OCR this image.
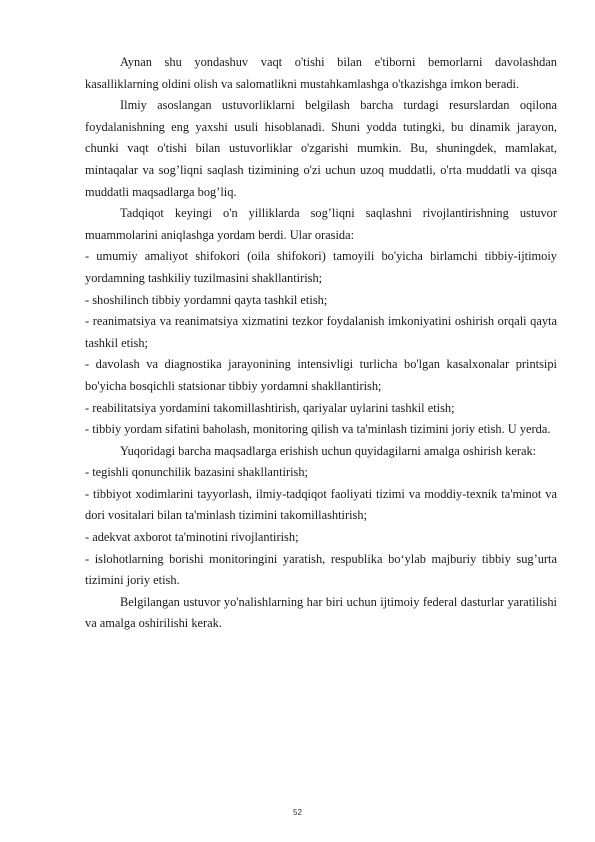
Aynan shu yondashuv vaqt o'tishi bilan e'tiborni bemorlarni davolashdan kasalliklarning oldini olish va salomatlikni mustahkamlashga o'tkazishga imkon beradi.

Ilmiy asoslangan ustuvorliklarni belgilash barcha turdagi resurslardan oqilona foydalanishning eng yaxshi usuli hisoblanadi. Shuni yodda tutingki, bu dinamik jarayon, chunki vaqt o'tishi bilan ustuvorliklar o'zgarishi mumkin. Bu, shuningdek, mamlakat, mintaqalar va sog’liqni saqlash tizimining o'zi uchun uzoq muddatli, o'rta muddatli va qisqa muddatli maqsadlarga bog’liq.

Tadqiqot keyingi o'n yilliklarda sog’liqni saqlashni rivojlantirishning ustuvor muammolarini aniqlashga yordam berdi. Ular orasida:

- umumiy amaliyot shifokori (oila shifokori) tamoyili bo'yicha birlamchi tibbiy-ijtimoiy yordamning tashkiliy tuzilmasini shakllantirish;

- shoshilinch tibbiy yordamni qayta tashkil etish;

- reanimatsiya va reanimatsiya xizmatini tezkor foydalanish imkoniyatini oshirish orqali qayta tashkil etish;

- davolash va diagnostika jarayonining intensivligi turlicha bo'lgan kasalxonalar printsipi bo'yicha bosqichli statsionar tibbiy yordamni shakllantirish;

- reabilitatsiya yordamini takomillashtirish, qariyalar uylarini tashkil etish;

- tibbiy yordam sifatini baholash, monitoring qilish va ta'minlash tizimini joriy etish. U yerda.

Yuqoridagi barcha maqsadlarga erishish uchun quyidagilarni amalga oshirish kerak:

- tegishli qonunchilik bazasini shakllantirish;

- tibbiyot xodimlarini tayyorlash, ilmiy-tadqiqot faoliyati tizimi va moddiy-texnik ta'minot va dori vositalari bilan ta'minlash tizimini takomillashtirish;

- adekvat axborot ta'minotini rivojlantirish;

- islohotlarning borishi monitoringini yaratish, respublika bo‘ylab majburiy tibbiy sug’urta tizimini joriy etish.

Belgilangan ustuvor yo'nalishlarning har biri uchun ijtimoiy federal dasturlar yaratilishi va amalga oshirilishi kerak.

52
